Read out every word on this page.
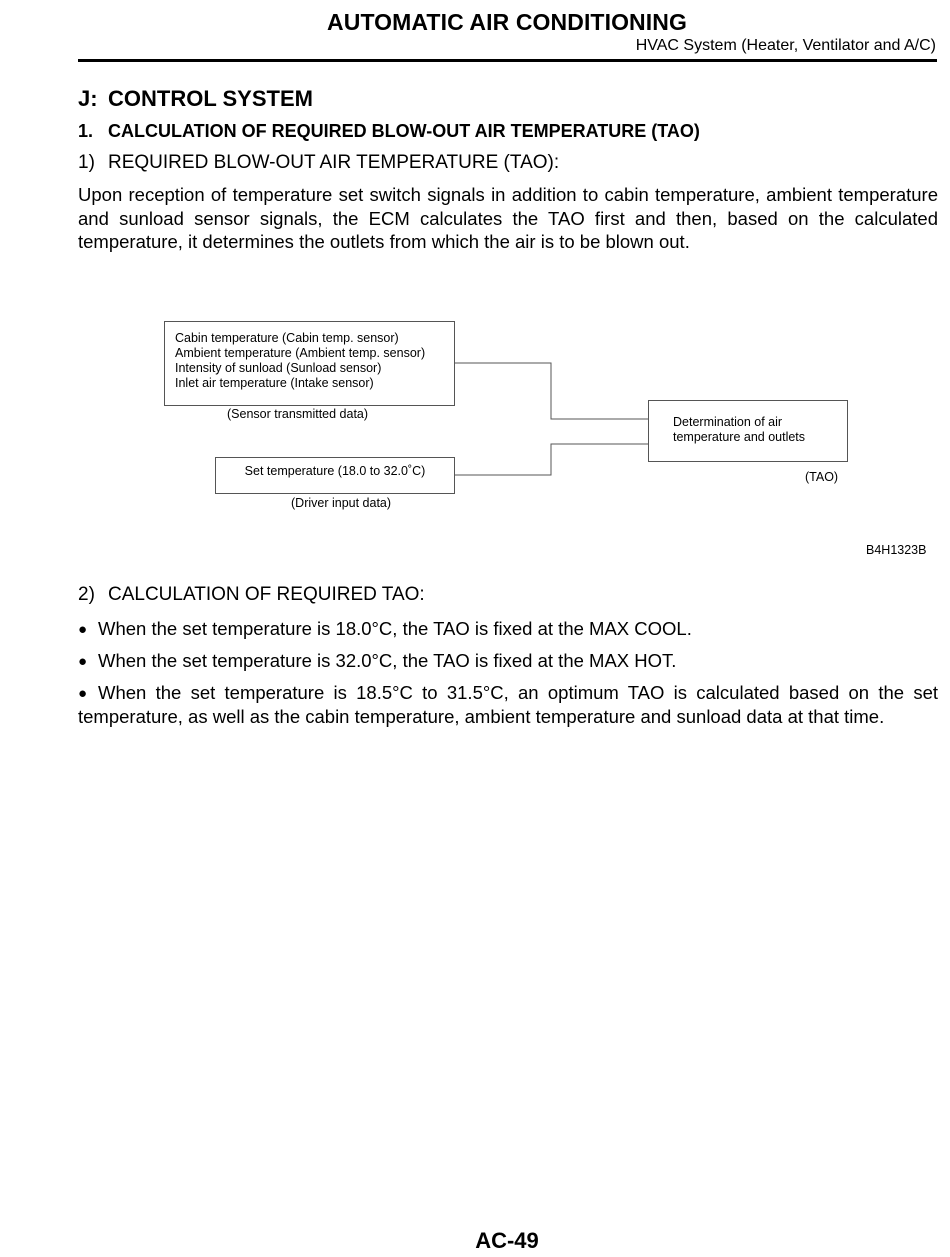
AUTOMATIC AIR CONDITIONING
HVAC System (Heater, Ventilator and A/C)
J: CONTROL SYSTEM
1. CALCULATION OF REQUIRED BLOW-OUT AIR TEMPERATURE (TAO)
1) REQUIRED BLOW-OUT AIR TEMPERATURE (TAO):
Upon reception of temperature set switch signals in addition to cabin temperature, ambient temperature and sunload sensor signals, the ECM calculates the TAO first and then, based on the calculated temperature, it determines the outlets from which the air is to be blown out.
Cabin temperature (Cabin temp. sensor)
Ambient temperature (Ambient temp. sensor)
Intensity of sunload (Sunload sensor)
Inlet air temperature (Intake sensor)
(Sensor transmitted data)
Set temperature (18.0 to 32.0˚C)
(Driver input data)
Determination of air
temperature and outlets
(TAO)
B4H1323B
2) CALCULATION OF REQUIRED TAO:
● When the set temperature is 18.0°C, the TAO is fixed at the MAX COOL.
● When the set temperature is 32.0°C, the TAO is fixed at the MAX HOT.
● When the set temperature is 18.5°C to 31.5°C, an optimum TAO is calculated based on the set temperature, as well as the cabin temperature, ambient temperature and sunload data at that time.
AC-49
